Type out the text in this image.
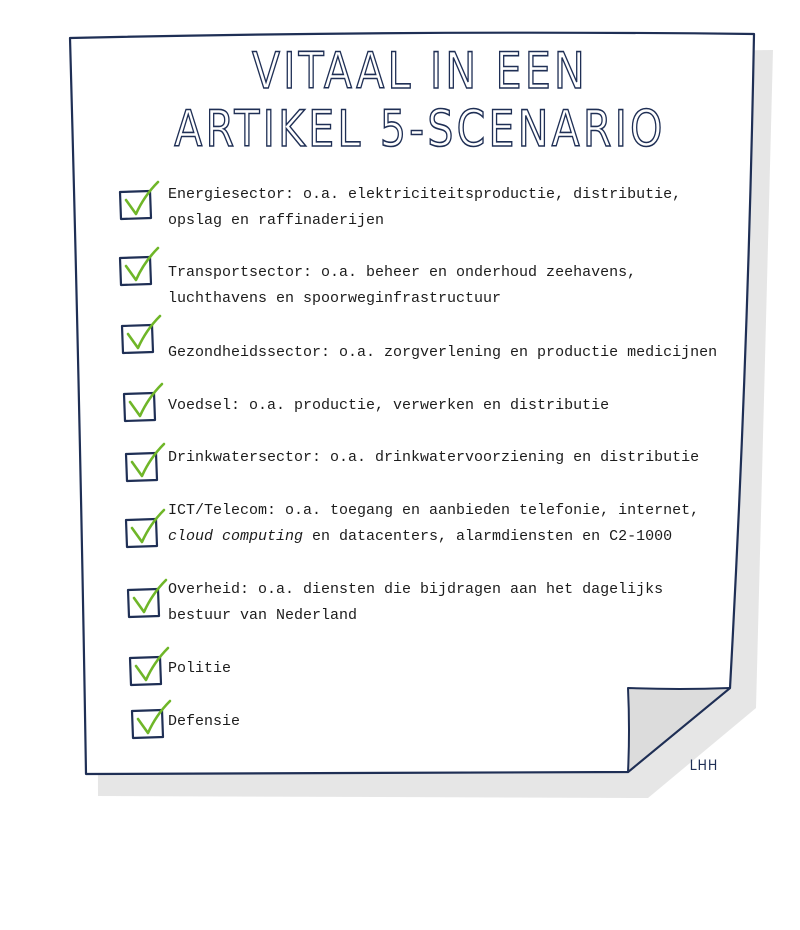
VITAAL IN EEN
ARTIKEL 5-SCENARIO
Energiesector: o.a. elektriciteitsproductie, distributie,
opslag en raffinaderijen
Transportsector: o.a. beheer en onderhoud zeehavens,
luchthavens en spoorweginfrastructuur
Gezondheidssector: o.a. zorgverlening en productie medicijnen
Voedsel: o.a. productie, verwerken en distributie
Drinkwatersector: o.a. drinkwatervoorziening en distributie
ICT/Telecom: o.a. toegang en aanbieden telefonie, internet,
cloud computing en datacenters, alarmdiensten en C2-1000
Overheid: o.a. diensten die bijdragen aan het dagelijks
bestuur van Nederland
Politie
Defensie
LHH
